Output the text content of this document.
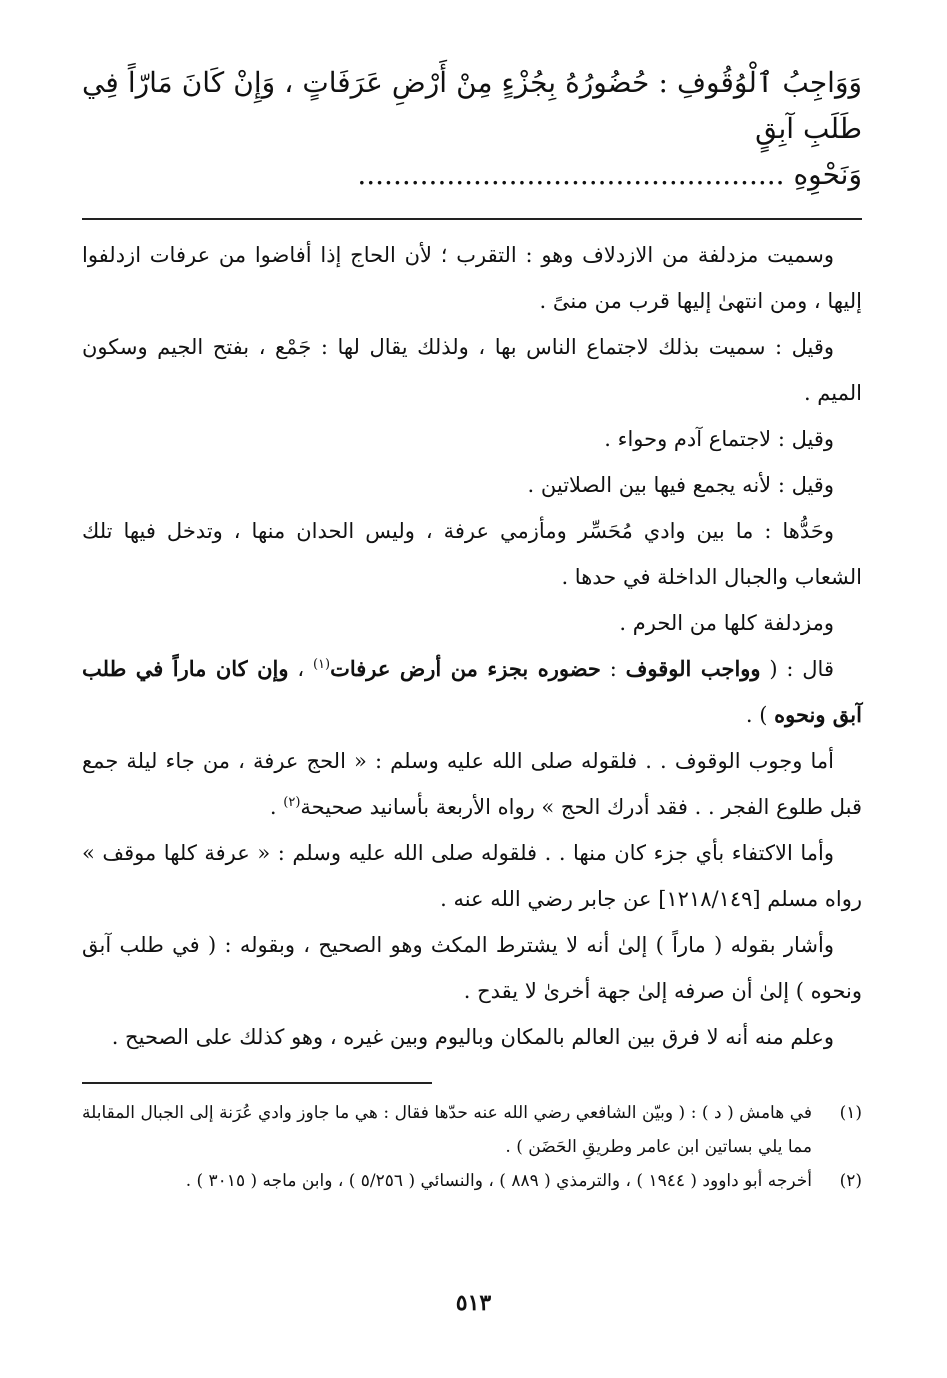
وَوَاجِبُ ٱلْوُقُوفِ : حُضُورُهُ بِجُزْءٍ مِنْ أَرْضِ عَرَفَاتٍ ، وَإِنْ كَانَ مَارّاً فِي طَلَبِ آبِقٍ
وَنَحْوِهِ ................................................

وسميت مزدلفة من الازدلاف وهو : التقرب ؛ لأن الحاج إذا أفاضوا من عرفات ازدلفوا إليها ، ومن انتهىٰ إليها قرب من منىً .

وقيل : سميت بذلك لاجتماع الناس بها ، ولذلك يقال لها : جَمْع ، بفتح الجيم وسكون الميم .

وقيل : لاجتماع آدم وحواء .

وقيل : لأنه يجمع فيها بين الصلاتين .

وحَدُّها : ما بين وادي مُحَسِّر ومأزمي عرفة ، وليس الحدان منها ، وتدخل فيها تلك الشعاب والجبال الداخلة في حدها .

ومزدلفة كلها من الحرم .

قال : ( وواجب الوقوف : حضوره بجزء من أرض عرفات$^{(١)}$ ، وإن كان ماراً في طلب آبق ونحوه ) .

أما وجوب الوقوف . . فلقوله صلى الله عليه وسلم : « الحج عرفة ، من جاء ليلة جمع قبل طلوع الفجر . . فقد أدرك الحج » رواه الأربعة بأسانيد صحيحة$^{(٢)}$ .

وأما الاكتفاء بأي جزء كان منها . . فلقوله صلى الله عليه وسلم : « عرفة كلها موقف » رواه مسلم [١٢١٨/١٤٩] عن جابر رضي الله عنه .

وأشار بقوله ( ماراً ) إلىٰ أنه لا يشترط المكث وهو الصحيح ، وبقوله : ( في طلب آبق ونحوه ) إلىٰ أن صرفه إلىٰ جهة أخرىٰ لا يقدح .

وعلم منه أنه لا فرق بين العالم بالمكان وباليوم وبين غيره ، وهو كذلك على الصحيح .

(١)
في هامش ( د ) : ( وبيّن الشافعي رضي الله عنه حدّها فقال : هي ما جاوز وادي عُرَنة إلى الجبال المقابلة مما يلي بساتين ابن عامر وطريقِ الحَضَن ) .
(٢)
أخرجه أبو داوود ( ١٩٤٤ ) ، والترمذي ( ٨٨٩ ) ، والنسائي ( ٥/٢٥٦ ) ، وابن ماجه ( ٣٠١٥ ) .
٥١٣
